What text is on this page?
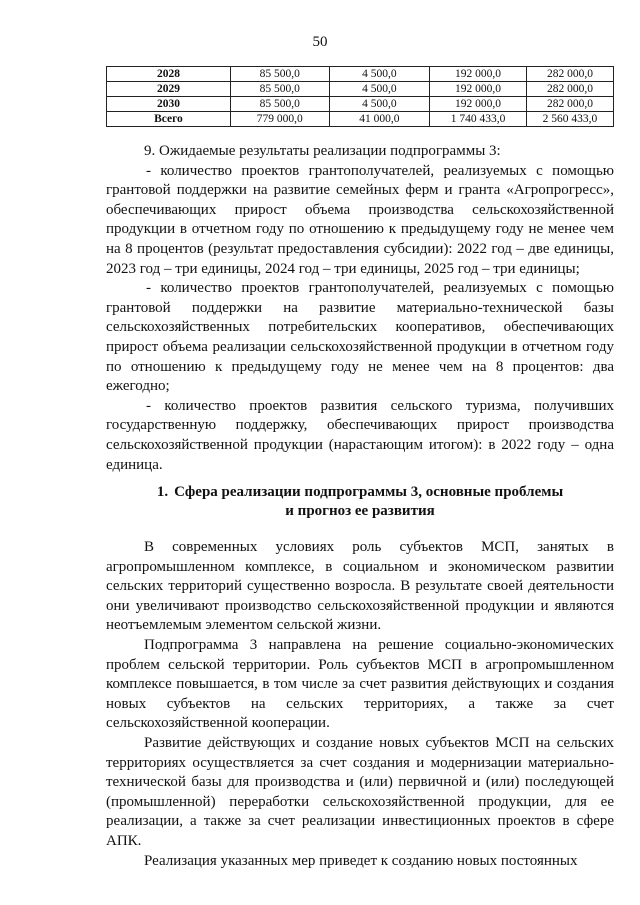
50
2028	85 500,0	4 500,0	192 000,0	282 000,0
2029	85 500,0	4 500,0	192 000,0	282 000,0
2030	85 500,0	4 500,0	192 000,0	282 000,0
Всего	779 000,0	41 000,0	1 740 433,0	2 560 433,0

9. Ожидаемые результаты реализации подпрограммы 3:

- количество проектов грантополучателей, реализуемых с помощью грантовой поддержки на развитие семейных ферм и гранта «Агропрогресс», обеспечивающих прирост объема производства сельскохозяйственной продукции в отчетном году по отношению к предыдущему году не менее чем на 8 процентов (результат предоставления субсидии): 2022 год – две единицы, 2023 год – три единицы, 2024 год – три единицы, 2025 год – три единицы;

- количество проектов грантополучателей, реализуемых с помощью грантовой поддержки на развитие материально-технической базы сельскохозяйственных потребительских кооперативов, обеспечивающих прирост объема реализации сельскохозяйственной продукции в отчетном году по отношению к предыдущему году не менее чем на 8 процентов: два ежегодно;

- количество проектов развития сельского туризма, получивших государственную поддержку, обеспечивающих прирост производства сельскохозяйственной продукции (нарастающим итогом): в 2022 году – одна единица.

1. Сфера реализации подпрограммы 3, основные проблемы
и прогноз ее развития

В современных условиях роль субъектов МСП, занятых в агропромышленном комплексе, в социальном и экономическом развитии сельских территорий существенно возросла. В результате своей деятельности они увеличивают производство сельскохозяйственной продукции и являются неотъемлемым элементом сельской жизни.

Подпрограмма 3 направлена на решение социально-экономических проблем сельской территории. Роль субъектов МСП в агропромышленном комплексе повышается, в том числе за счет развития действующих и создания новых субъектов на сельских территориях, а также за счет сельскохозяйственной кооперации.

Развитие действующих и создание новых субъектов МСП на сельских территориях осуществляется за счет создания и модернизации материально-технической базы для производства и (или) первичной и (или) последующей (промышленной) переработки сельскохозяйственной продукции, для ее реализации, а также за счет реализации инвестиционных проектов в сфере АПК.

Реализация указанных мер приведет к созданию новых постоянных
